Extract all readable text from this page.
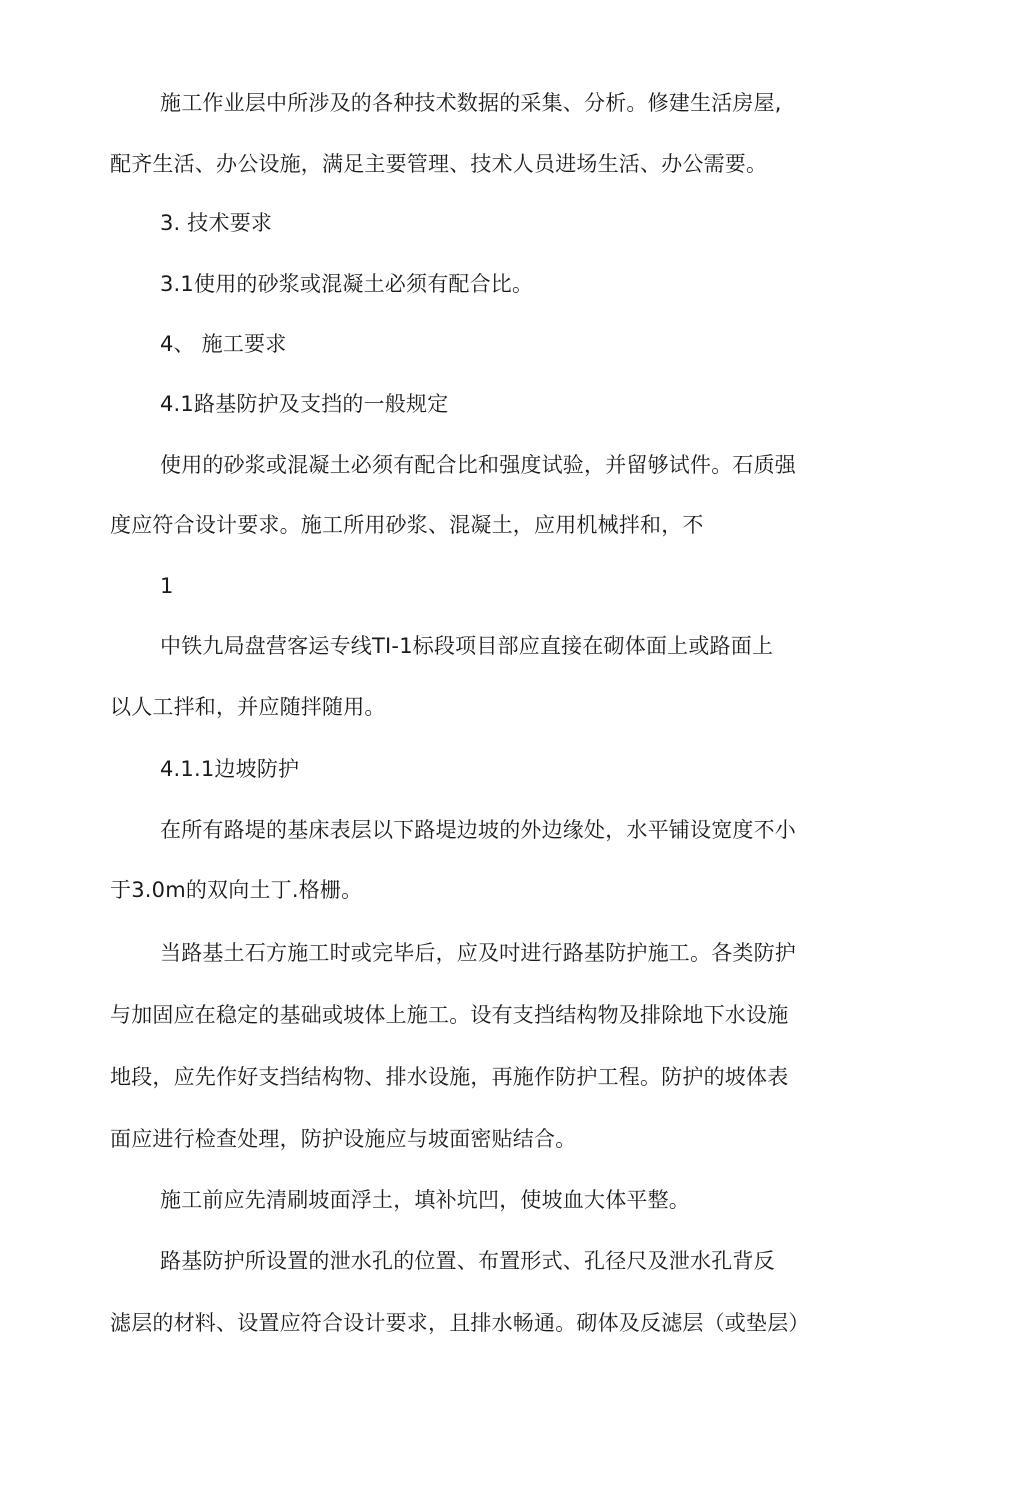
施工作业层中所涉及的各种技术数据的采集、分析。修建生活房屋,
配齐生活、办公设施，满足主要管理、技术人员进场生活、办公需要。
3. 技术要求
3.1使用的砂浆或混凝土必须有配合比。
4、 施工要求
4.1路基防护及支挡的一般规定
使用的砂浆或混凝土必须有配合比和强度试验，并留够试件。石质强
度应符合设计要求。施工所用砂浆、混凝土，应用机械拌和，不
1
中铁九局盘营客运专线TI-1标段项目部应直接在砌体面上或路面上
以人工拌和，并应随拌随用。
4.1.1边坡防护
在所有路堤的基床表层以下路堤边坡的外边缘处，水平铺设宽度不小
于3.0m的双向土丁.格栅。
当路基土石方施工时或完毕后，应及吋进行路基防护施工。各类防护
与加固应在稳定的基础或坡体上施工。设有支挡结构物及排除地下水设施
地段，应先作好支挡结构物、排水设施，再施作防护工程。防护的坡体表
面应进行检查处理，防护设施应与坡面密贴结合。
施工前应先清刷坡面浮土，填补坑凹，使坡血大体平整。
路基防护所设置的泄水孔的位置、布置形式、孔径尺及泄水孔背反
滤层的材料、设置应符合设计要求，且排水畅通。砌体及反滤层（或垫层）
